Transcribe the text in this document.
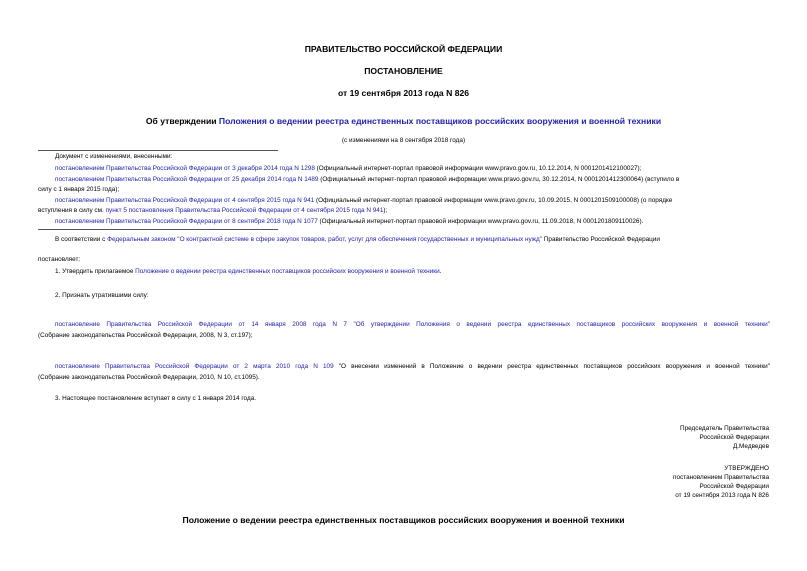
ПРАВИТЕЛЬСТВО РОССИЙСКОЙ ФЕДЕРАЦИИ
ПОСТАНОВЛЕНИЕ
от 19 сентября 2013 года N 826
Об утверждении Положения о ведении реестра единственных поставщиков российских вооружения и военной техники
(с изменениями на 8 сентября 2018 года)
Документ с изменениями, внесенными:
постановлением Правительства Российской Федерации от 3 декабря 2014 года N 1298 (Официальный интернет-портал правовой информации www.pravo.gov.ru, 10.12.2014, N 0001201412100027);
постановлением Правительства Российской Федерации от 25 декабря 2014 года N 1489 (Официальный интернет-портал правовой информации www.pravo.gov.ru, 30.12.2014, N 0001201412300064) (вступило в
силу с 1 января 2015 года);
постановлением Правительства Российской Федерации от 4 сентября 2015 года N 941 (Официальный интернет-портал правовой информации www.pravo.gov.ru, 10.09.2015, N 0001201509100008) (о порядке
вступления в силу см. пункт 5 постановления Правительства Российской Федерации от 4 сентября 2015 года N 941);
постановлением Правительства Российской Федерации от 8 сентября 2018 года N 1077 (Официальный интернет-портал правовой информации www.pravo.gov.ru, 11.09.2018, N 0001201809110026).
В соответствии с Федеральным законом "О контрактной системе в сфере закупок товаров, работ, услуг для обеспечения государственных и муниципальных нужд" Правительство Российской Федерации
постановляет:
1. Утвердить прилагаемое Положение о ведении реестра единственных поставщиков российских вооружения и военной техники.
2. Признать утратившими силу:
постановление Правительства Российской Федерации от 14 января 2008 года N 7 "Об утверждении Положения о ведении реестра единственных поставщиков российских вооружения и военной техники"
(Собрание законодательства Российской Федерации, 2008, N 3, ст.197);
постановление Правительства Российской Федерации от 2 марта 2010 года N 109 "О внесении изменений в Положение о ведении реестра единственных поставщиков российских вооружения и военной техники"
(Собрание законодательства Российской Федерации, 2010, N 10, ст.1095).
3. Настоящее постановление вступает в силу с 1 января 2014 года.
Председатель Правительства
Российской Федерации
Д.Медведев
УТВЕРЖДЕНО
постановлением Правительства
Российской Федерации
от 19 сентября 2013 года N 826
Положение о ведении реестра единственных поставщиков российских вооружения и военной техники
